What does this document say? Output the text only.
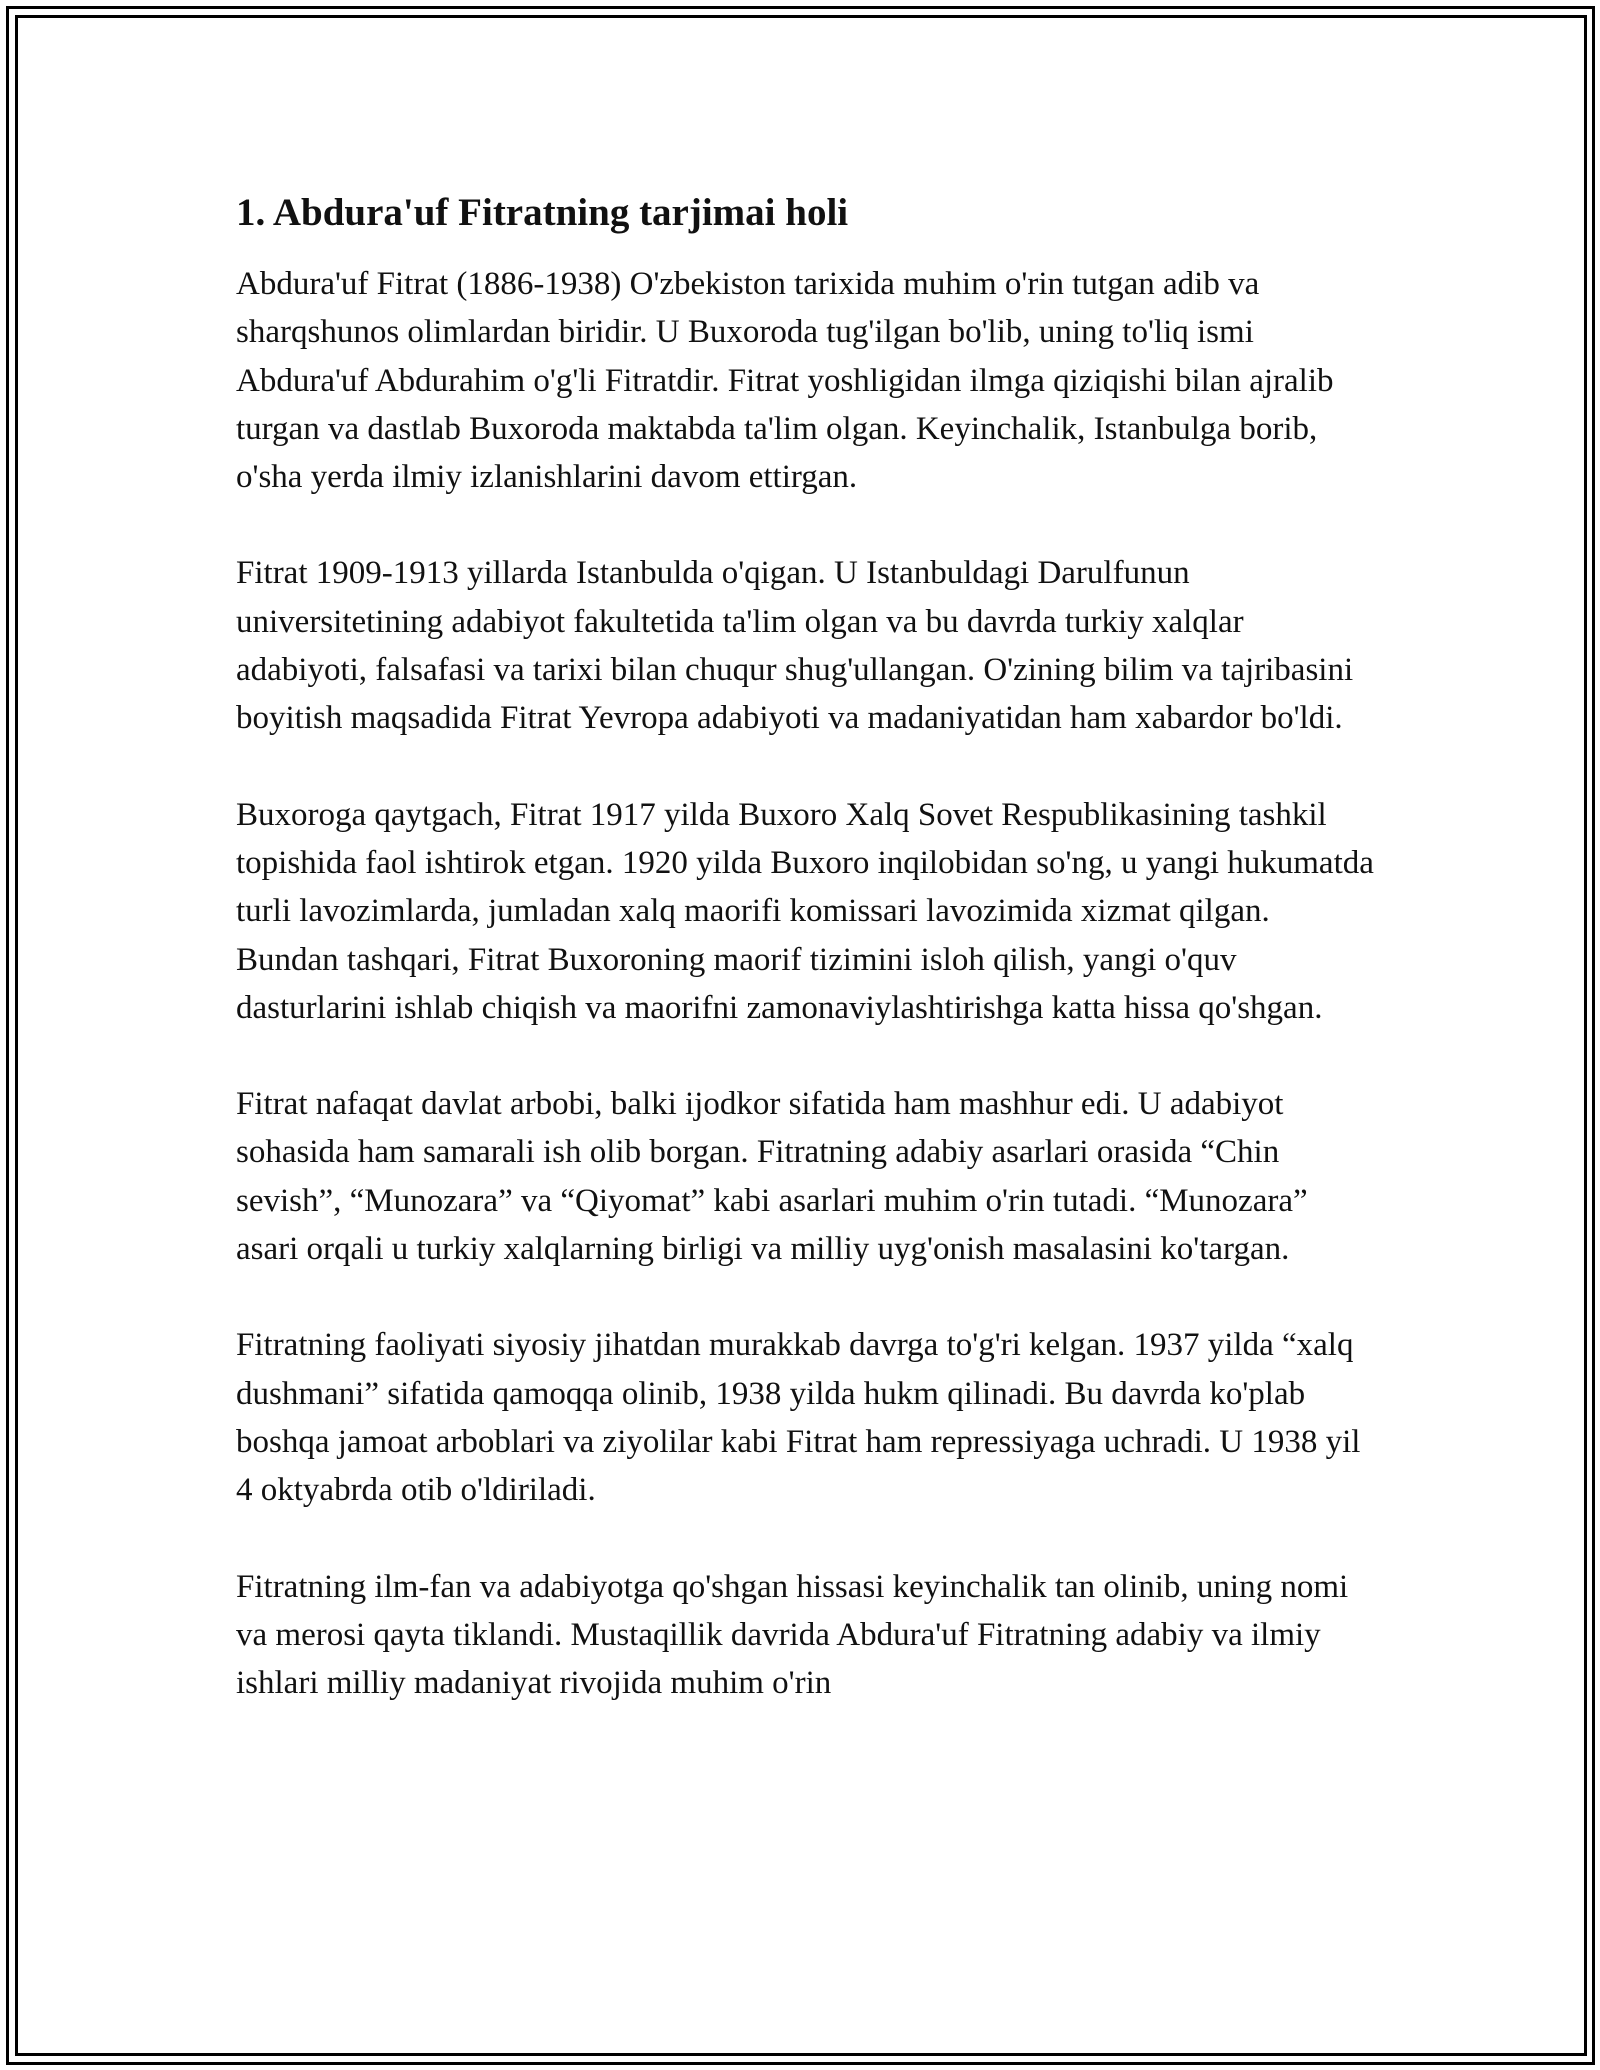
1. Abdura'uf Fitratning tarjimai holi

Abdura'uf Fitrat (1886-1938) O'zbekiston tarixida muhim o'rin tutgan adib va sharqshunos olimlardan biridir. U Buxoroda tug'ilgan bo'lib, uning to'liq ismi Abdura'uf Abdurahim o'g'li Fitratdir. Fitrat yoshligidan ilmga qiziqishi bilan ajralib turgan va dastlab Buxoroda maktabda ta'lim olgan. Keyinchalik, Istanbulga borib, o'sha yerda ilmiy izlanishlarini davom ettirgan.

Fitrat 1909-1913 yillarda Istanbulda o'qigan. U Istanbuldagi Darulfunun universitetining adabiyot fakultetida ta'lim olgan va bu davrda turkiy xalqlar adabiyoti, falsafasi va tarixi bilan chuqur shug'ullangan. O'zining bilim va tajribasini boyitish maqsadida Fitrat Yevropa adabiyoti va madaniyatidan ham xabardor bo'ldi.

Buxoroga qaytgach, Fitrat 1917 yilda Buxoro Xalq Sovet Respublikasining tashkil topishida faol ishtirok etgan. 1920 yilda Buxoro inqilobidan so'ng, u yangi hukumatda turli lavozimlarda, jumladan xalq maorifi komissari lavozimida xizmat qilgan. Bundan tashqari, Fitrat Buxoroning maorif tizimini isloh qilish, yangi o'quv dasturlarini ishlab chiqish va maorifni zamonaviylashtirishga katta hissa qo'shgan.

Fitrat nafaqat davlat arbobi, balki ijodkor sifatida ham mashhur edi. U adabiyot sohasida ham samarali ish olib borgan. Fitratning adabiy asarlari orasida “Chin sevish”, “Munozara” va “Qiyomat” kabi asarlari muhim o'rin tutadi. “Munozara” asari orqali u turkiy xalqlarning birligi va milliy uyg'onish masalasini ko'targan.

Fitratning faoliyati siyosiy jihatdan murakkab davrga to'g'ri kelgan. 1937 yilda “xalq dushmani” sifatida qamoqqa olinib, 1938 yilda hukm qilinadi. Bu davrda ko'plab boshqa jamoat arboblari va ziyolilar kabi Fitrat ham repressiyaga uchradi. U 1938 yil 4 oktyabrda otib o'ldiriladi.

Fitratning ilm-fan va adabiyotga qo'shgan hissasi keyinchalik tan olinib, uning nomi va merosi qayta tiklandi. Mustaqillik davrida Abdura'uf Fitratning adabiy va ilmiy ishlari milliy madaniyat rivojida muhim o'rin
